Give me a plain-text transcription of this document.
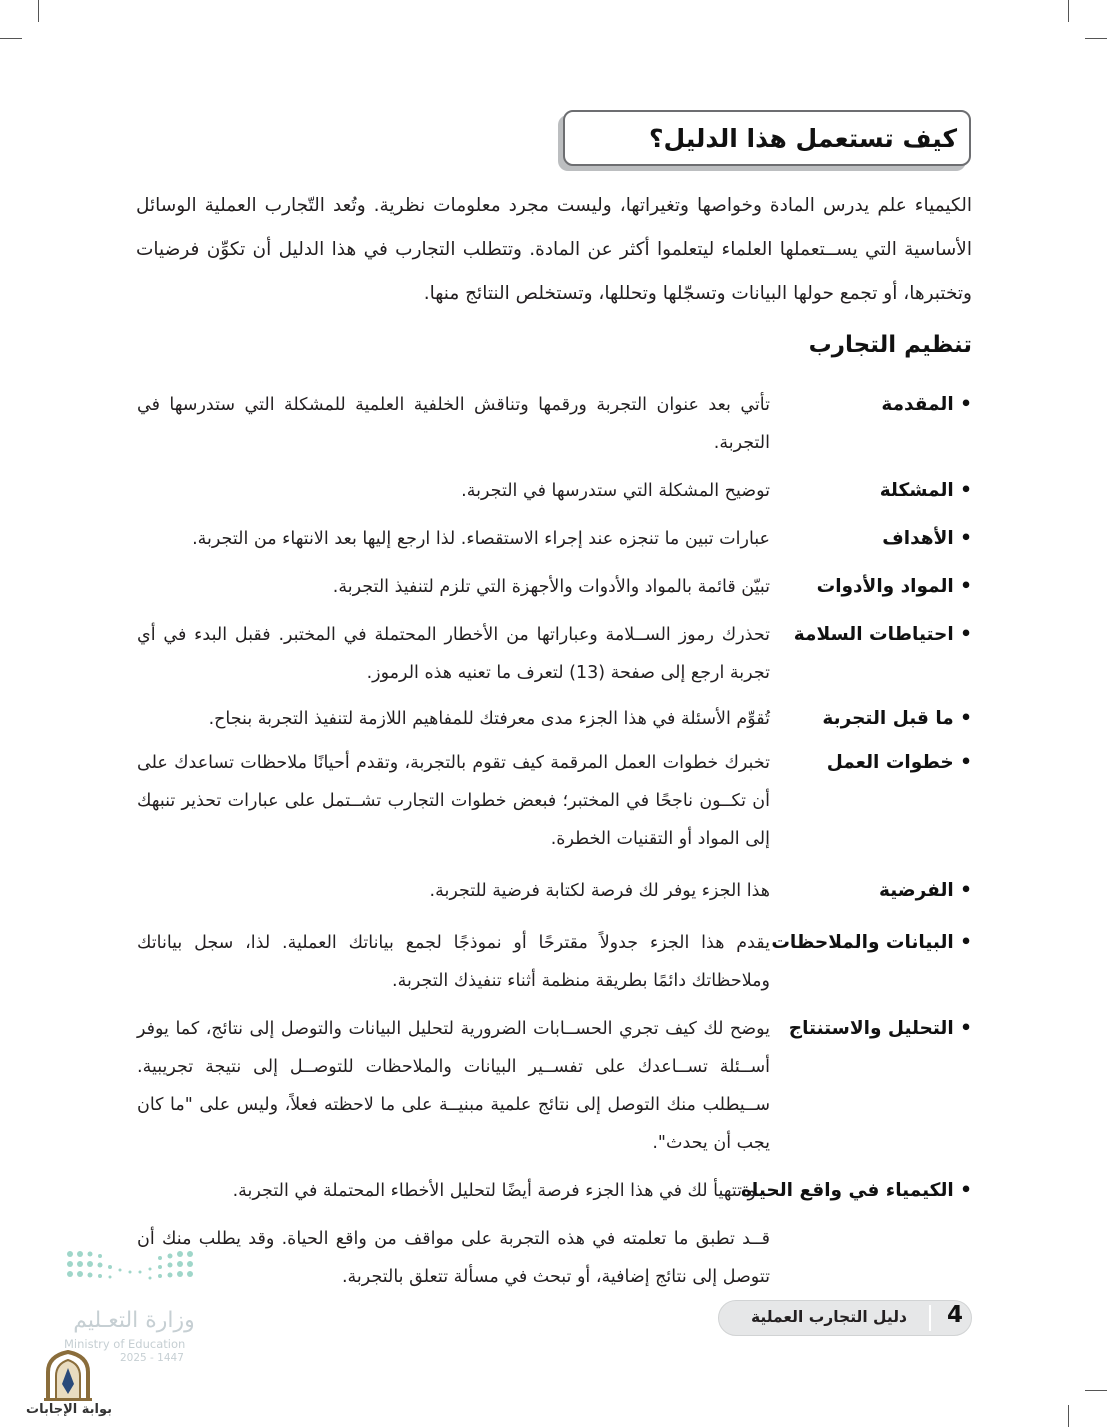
كيف تستعمل هذا الدليل؟

الكيمياء علم يدرس المادة وخواصها وتغيراتها، وليست مجرد معلومات نظرية. وتُعد التّجارب العملية الوسائل الأساسية التي يســتعملها العلماء ليتعلموا أكثر عن المادة. وتتطلب التجارب في هذا الدليل أن تكوِّن فرضيات وتختبرها، أو تجمع حولها البيانات وتسجّلها وتحللها، وتستخلص النتائج منها.

تنظيم التجارب
• المقدمة

تأتي بعد عنوان التجربة ورقمها وتناقش الخلفية العلمية للمشكلة التي ستدرسها في التجربة.

• المشكلة

توضيح المشكلة التي ستدرسها في التجربة.

• الأهداف

عبارات تبين ما تنجزه عند إجراء الاستقصاء. لذا ارجع إليها بعد الانتهاء من التجربة.

• المواد والأدوات

تبيّن قائمة بالمواد والأدوات والأجهزة التي تلزم لتنفيذ التجربة.

• احتياطات السلامة

تحذرك رموز الســلامة وعباراتها من الأخطار المحتملة في المختبر. فقبل البدء في أي تجربة ارجع إلى صفحة (13) لتعرف ما تعنيه هذه الرموز.

• ما قبل التجربة

تُقوِّم الأسئلة في هذا الجزء مدى معرفتك للمفاهيم اللازمة لتنفيذ التجربة بنجاح.

• خطوات العمل

تخبرك خطوات العمل المرقمة كيف تقوم بالتجربة، وتقدم أحيانًا ملاحظات تساعدك على أن تكــون ناجحًا في المختبر؛ فبعض خطوات التجارب تشــتمل على عبارات تحذير تنبهك إلى المواد أو التقنيات الخطرة.

• الفرضية

هذا الجزء يوفر لك فرصة لكتابة فرضية للتجربة.

• البيانات والملاحظات

يقدم هذا الجزء جدولاً مقترحًا أو نموذجًا لجمع بياناتك العملية. لذا، سجل بياناتك وملاحظاتك دائمًا بطريقة منظمة أثناء تنفيذك التجربة.

• التحليل والاستنتاج

يوضح لك كيف تجري الحســابات الضرورية لتحليل البيانات والتوصل إلى نتائج، كما يوفر أســئلة تســاعدك على تفســير البيانات والملاحظات للتوصــل إلى نتيجة تجريبية. ســيطلب منك التوصل إلى نتائج علمية مبنيــة على ما لاحظته فعلاً، وليس على "ما كان يجب أن يحدث".

• الكيمياء في واقع الحياة

و تتهيأ لك في هذا الجزء فرصة أيضًا لتحليل الأخطاء المحتملة في التجربة.

قــد تطبق ما تعلمته في هذه التجربة على مواقف من واقع الحياة. وقد يطلب منك أن تتوصل إلى نتائج إضافية، أو تبحث في مسألة تتعلق بالتجربة.

4
دليل التجارب العملية
وزارة التعـليم
Ministry of Education
2025 - 1447
بوابة الإجابات
